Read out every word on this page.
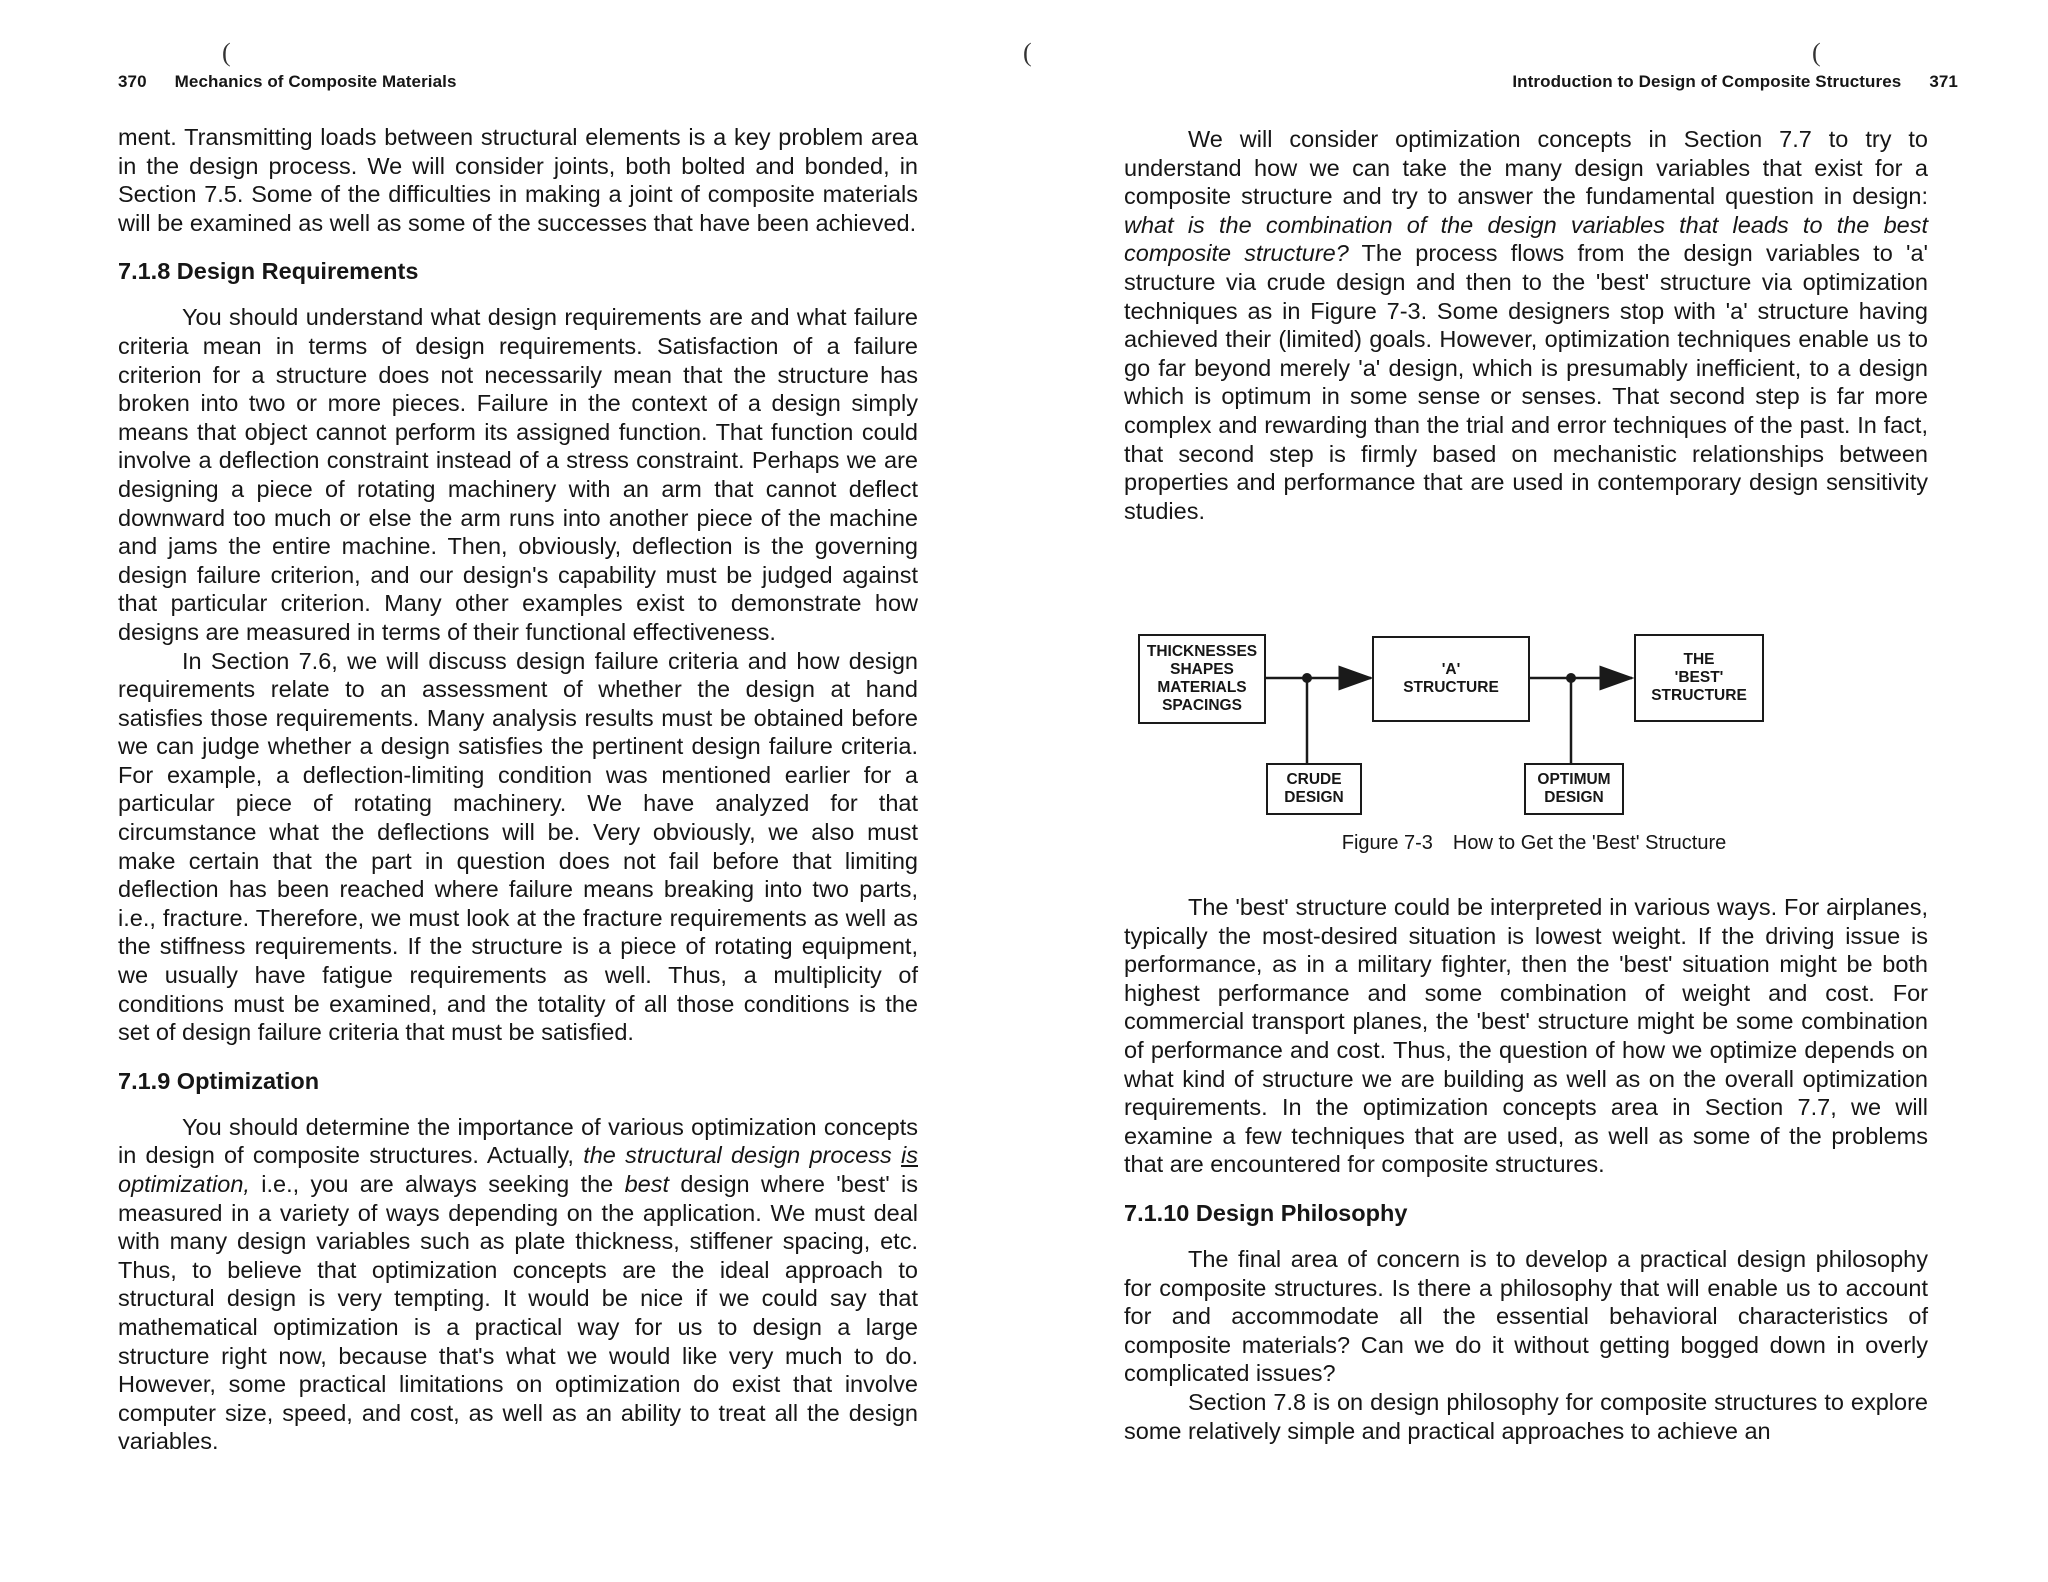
(
370 Mechanics of Composite Materials

ment. Transmitting loads between structural elements is a key problem area in the design process. We will consider joints, both bolted and bonded, in Section 7.5. Some of the difficulties in making a joint of composite materials will be examined as well as some of the successes that have been achieved.

7.1.8 Design Requirements

You should understand what design requirements are and what failure criteria mean in terms of design requirements. Satisfaction of a failure criterion for a structure does not necessarily mean that the structure has broken into two or more pieces. Failure in the context of a design simply means that object cannot perform its assigned function. That function could involve a deflection constraint instead of a stress constraint. Perhaps we are designing a piece of rotating machinery with an arm that cannot deflect downward too much or else the arm runs into another piece of the machine and jams the entire machine. Then, obviously, deflection is the governing design failure criterion, and our design's capability must be judged against that particular criterion. Many other examples exist to demonstrate how designs are measured in terms of their functional effectiveness.

In Section 7.6, we will discuss design failure criteria and how design requirements relate to an assessment of whether the design at hand satisfies those requirements. Many analysis results must be obtained before we can judge whether a design satisfies the pertinent design failure criteria. For example, a deflection-limiting condition was mentioned earlier for a particular piece of rotating machinery. We have analyzed for that circumstance what the deflections will be. Very obviously, we also must make certain that the part in question does not fail before that limiting deflection has been reached where failure means breaking into two parts, i.e., fracture. Therefore, we must look at the fracture requirements as well as the stiffness requirements. If the structure is a piece of rotating equipment, we usually have fatigue requirements as well. Thus, a multiplicity of conditions must be examined, and the totality of all those conditions is the set of design failure criteria that must be satisfied.

7.1.9 Optimization

You should determine the importance of various optimization concepts in design of composite structures. Actually, the structural design process is optimization, i.e., you are always seeking the best design where 'best' is measured in a variety of ways depending on the application. We must deal with many design variables such as plate thickness, stiffener spacing, etc. Thus, to believe that optimization concepts are the ideal approach to structural design is very tempting. It would be nice if we could say that mathematical optimization is a practical way for us to design a large structure right now, because that's what we would like very much to do. However, some practical limitations on optimization do exist that involve computer size, speed, and cost, as well as an ability to treat all the design variables.

(	(
Introduction to Design of Composite Structures 371

We will consider optimization concepts in Section 7.7 to try to understand how we can take the many design variables that exist for a composite structure and try to answer the fundamental question in design: what is the combination of the design variables that leads to the best composite structure? The process flows from the design variables to 'a' structure via crude design and then to the 'best' structure via optimization techniques as in Figure 7-3. Some designers stop with 'a' structure having achieved their (limited) goals. However, optimization techniques enable us to go far beyond merely 'a' design, which is presumably inefficient, to a design which is optimum in some sense or senses. That second step is far more complex and rewarding than the trial and error techniques of the past. In fact, that second step is firmly based on mechanistic relationships between properties and performance that are used in contemporary design sensitivity studies.

THICKNESSES
SHAPES
MATERIALS
SPACINGS
'A'
STRUCTURE
THE
'BEST'
STRUCTURE
CRUDE
DESIGN
OPTIMUM
DESIGN
Figure 7-3 How to Get the 'Best' Structure

The 'best' structure could be interpreted in various ways. For airplanes, typically the most-desired situation is lowest weight. If the driving issue is performance, as in a military fighter, then the 'best' situation might be both highest performance and some combination of weight and cost. For commercial transport planes, the 'best' structure might be some combination of performance and cost. Thus, the question of how we optimize depends on what kind of structure we are building as well as on the overall optimization requirements. In the optimization concepts area in Section 7.7, we will examine a few techniques that are used, as well as some of the problems that are encountered for composite structures.

7.1.10 Design Philosophy

The final area of concern is to develop a practical design philosophy for composite structures. Is there a philosophy that will enable us to account for and accommodate all the essential behavioral characteristics of composite materials? Can we do it without getting bogged down in overly complicated issues?

Section 7.8 is on design philosophy for composite structures to explore some relatively simple and practical approaches to achieve an
